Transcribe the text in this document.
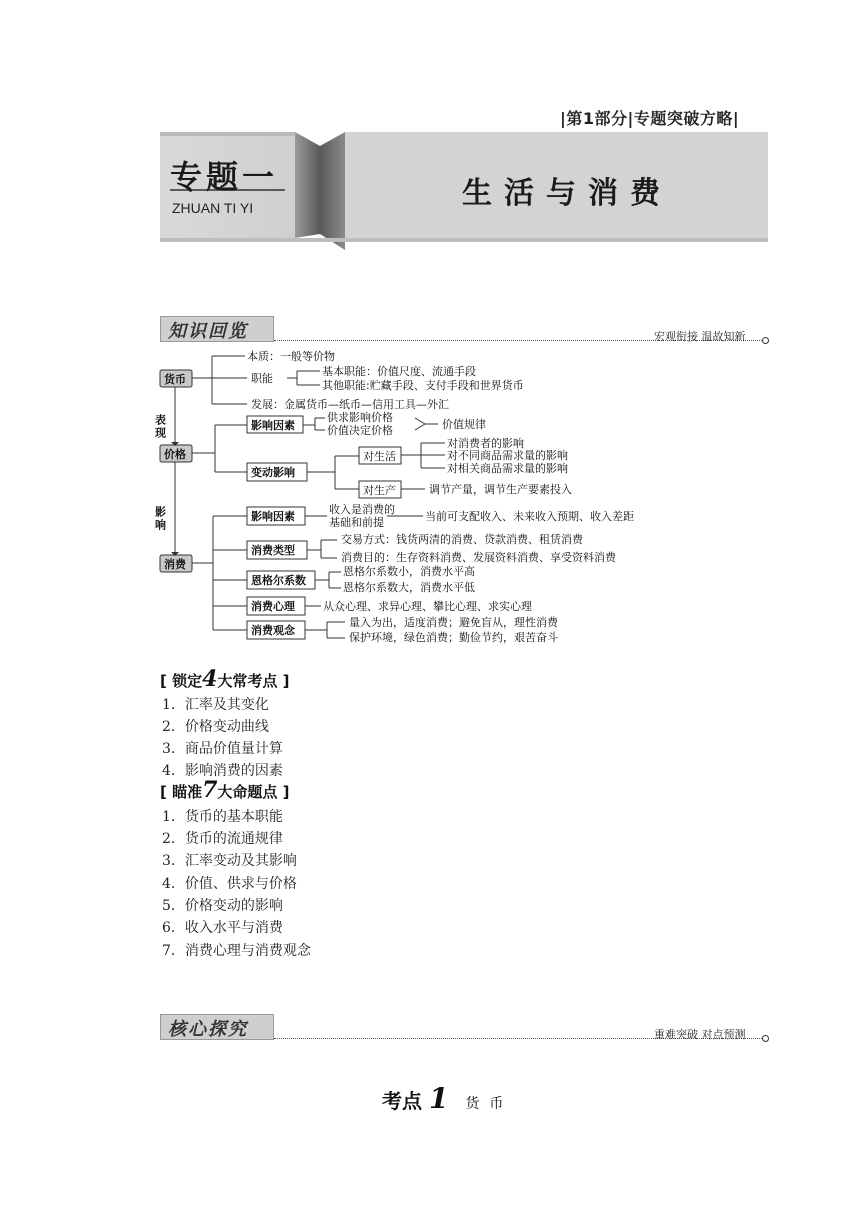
|第1部分|专题突破方略|
专题一
ZHUAN TI YI	生活与消费
知识回览	宏观衔接 温故知新
货币
价格
消费
表现
影响
本质：一般等价物
职能
基本职能：价值尺度、流通手段
其他职能:贮藏手段、支付手段和世界货币
发展：金属货币—纸币—信用工具—外汇
影响因素
供求影响价格
价值决定价格	价值规律
变动影响
对生活
对消费者的影响
对不同商品需求量的影响
对相关商品需求量的影响
对生产	调节产量，调节生产要素投入
影响因素
收入是消费的
基础和前提	当前可支配收入、未来收入预期、收入差距
消费类型
交易方式：钱货两清的消费、贷款消费、租赁消费
消费目的：生存资料消费、发展资料消费、享受资料消费
恩格尔系数
恩格尔系数小，消费水平高
恩格尔系数大，消费水平低
消费心理	从众心理、求异心理、攀比心理、求实心理
消费观念
量入为出，适度消费；避免盲从，理性消费
保护环境，绿色消费；勤俭节约，艰苦奋斗
[ 锁定4大常考点 ]
1．汇率及其变化
2．价格变动曲线
3．商品价值量计算
4．影响消费的因素
[ 瞄准7大命题点 ]
1．货币的基本职能
2．货币的流通规律
3．汇率变动及其影响
4．价值、供求与价格
5．价格变动的影响
6．收入水平与消费
7．消费心理与消费观念
核心探究	重难突破 对点预测
考点 1 货币
